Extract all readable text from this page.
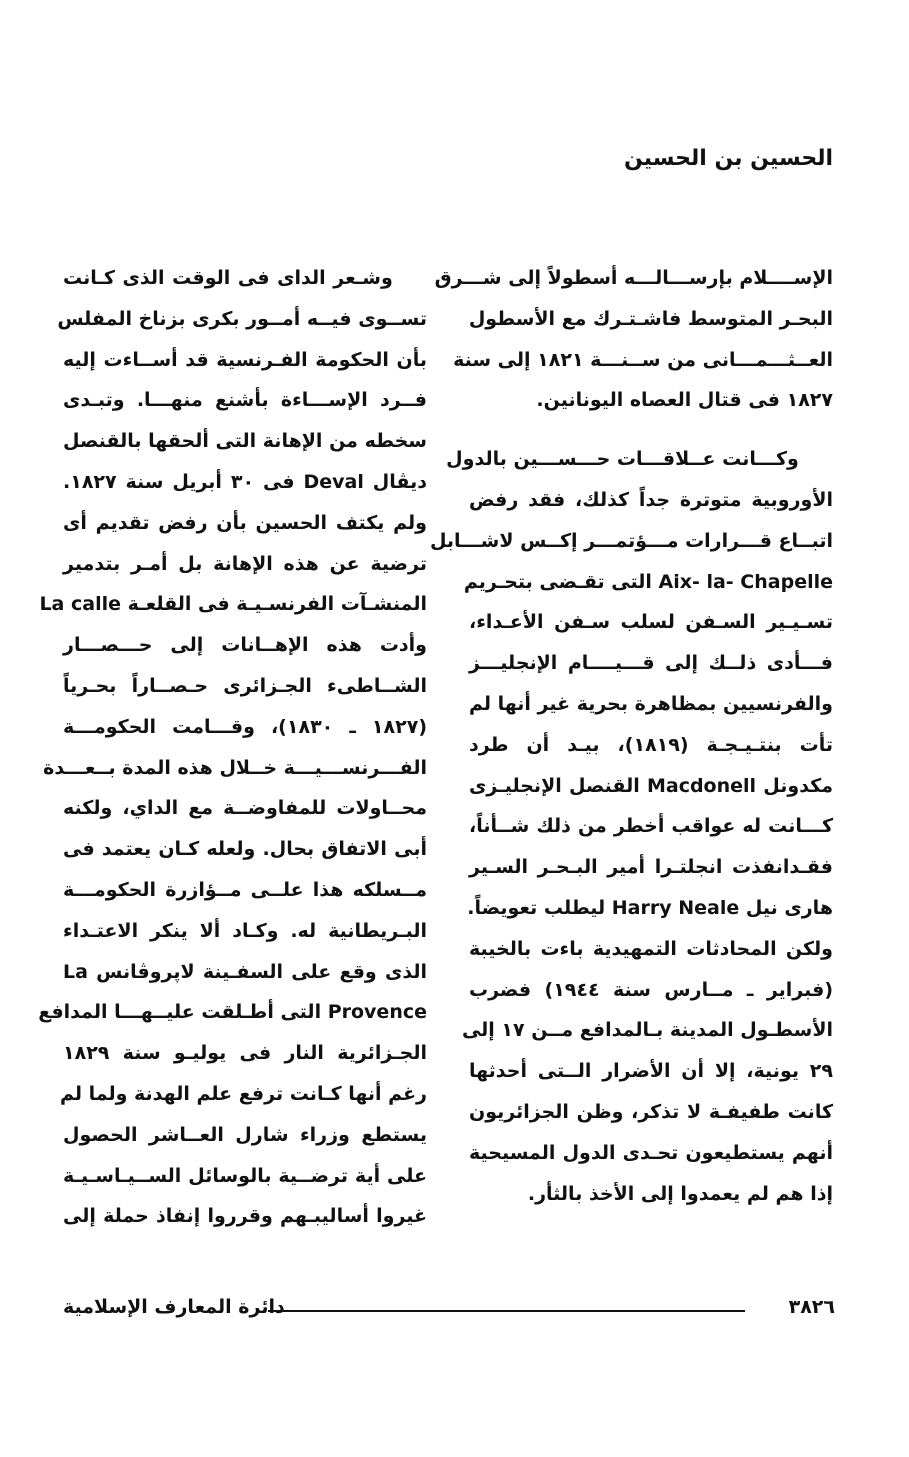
الحسين بن الحسين

الإســــلام بإرســـالـــه أسطولاً إلى شـــرق
البحـر المتوسط فاشـتـرك مع الأسطول
العــثـــمـــانى من ســنـــة ١٨٢١ إلى سنة
١٨٢٧ فى قتال العصاه اليونانين.

وكـــانت عــلاقـــات حـــســـين بالدول
الأوروبية متوترة جداً كذلك، فقد رفض
اتبــاع قـــرارات مـــؤتمـــر إكــس لاشـــابل
Aix- la- Chapelle التى تقـضى بتحـريم
تسـيـير السـفن لسلب سـفن الأعـداء،
فـــأدى ذلــك إلى قـــيــــام الإنجليـــز
والفرنسيين بمظاهرة بحرية غير أنها لم
تأت بنتـيـجـة (١٨١٩)، بيـد أن طرد
مكدونل Macdonell القنصل الإنجليـزى
كـــانت له عواقب أخطر من ذلك شــأناً،
فقـدانفذت انجلتـرا أمير البـحـر السـير
هارى نيل Harry Neale ليطلب تعويضاً.
ولكن المحادثات التمهيدية باءت بالخيبة
(فبراير ـ مــارس سنة ١٩٤٤) فضرب
الأسطـول المدينة بـالمدافع مــن ١٧ إلى
٢٩ يونية، إلا أن الأضرار الــتى أحدثها
كانت طفيفـة لا تذكر، وظن الجزائريون
أنهم يستطيعون تحـدى الدول المسيحية
إذا هم لم يعمدوا إلى الأخذ بالثأر.

وشـعر الداى فى الوقت الذى كـانت
تســوى فيــه أمــور بكرى بزناخ المفلس
بأن الحكومة الفـرنسية قد أســاءت إليه
فــرد الإســـاءة بأشنع منهـــا. وتبـدى
سخطه من الإهانة التى ألحقها بالقنصل
ديڤال Deval فى ٣٠ أبريل سنة ١٨٢٧.
ولم يكتف الحسين بأن رفض تقديم أى
ترضية عن هذه الإهانة بل أمـر بتدمير
المنشـآت الفرنسـيـة فى القلعـة La calle
وأدت هذه الإهــانات إلى حـــصـــار
الشــاطىء الجـزائرى حـصــاراً بحـرياً
(١٨٢٧ ـ ١٨٣٠)، وقـــامت الحكومـــة
الفـــرنســـيـــة خــلال هذه المدة بــعـــدة
محــاولات للمفاوضــة مع الداي، ولكنه
أبى الاتفاق بحال. ولعله كـان يعتمد فى
مــسلكه هذا علــى مــؤازرة الحكومـــة
البـريطانية له. وكـاد ألا ينكر الاعتـداء
الذى وقع على السفـينة لاپروڤانس La
Provence التى أطـلقت عليــهـــا المدافع
الجـزائرية النار فى يوليـو سنة ١٨٢٩
رغم أنها كـانت ترفع علم الهدنة ولما لم
يستطع وزراء شارل العــاشر الحصول
على أية ترضــية بالوسائل الســيـاسـيـة
غيروا أساليبـهم وقرروا إنفاذ حملة إلى

٣٨٢٦
دائرة المعارف الإسلامية
